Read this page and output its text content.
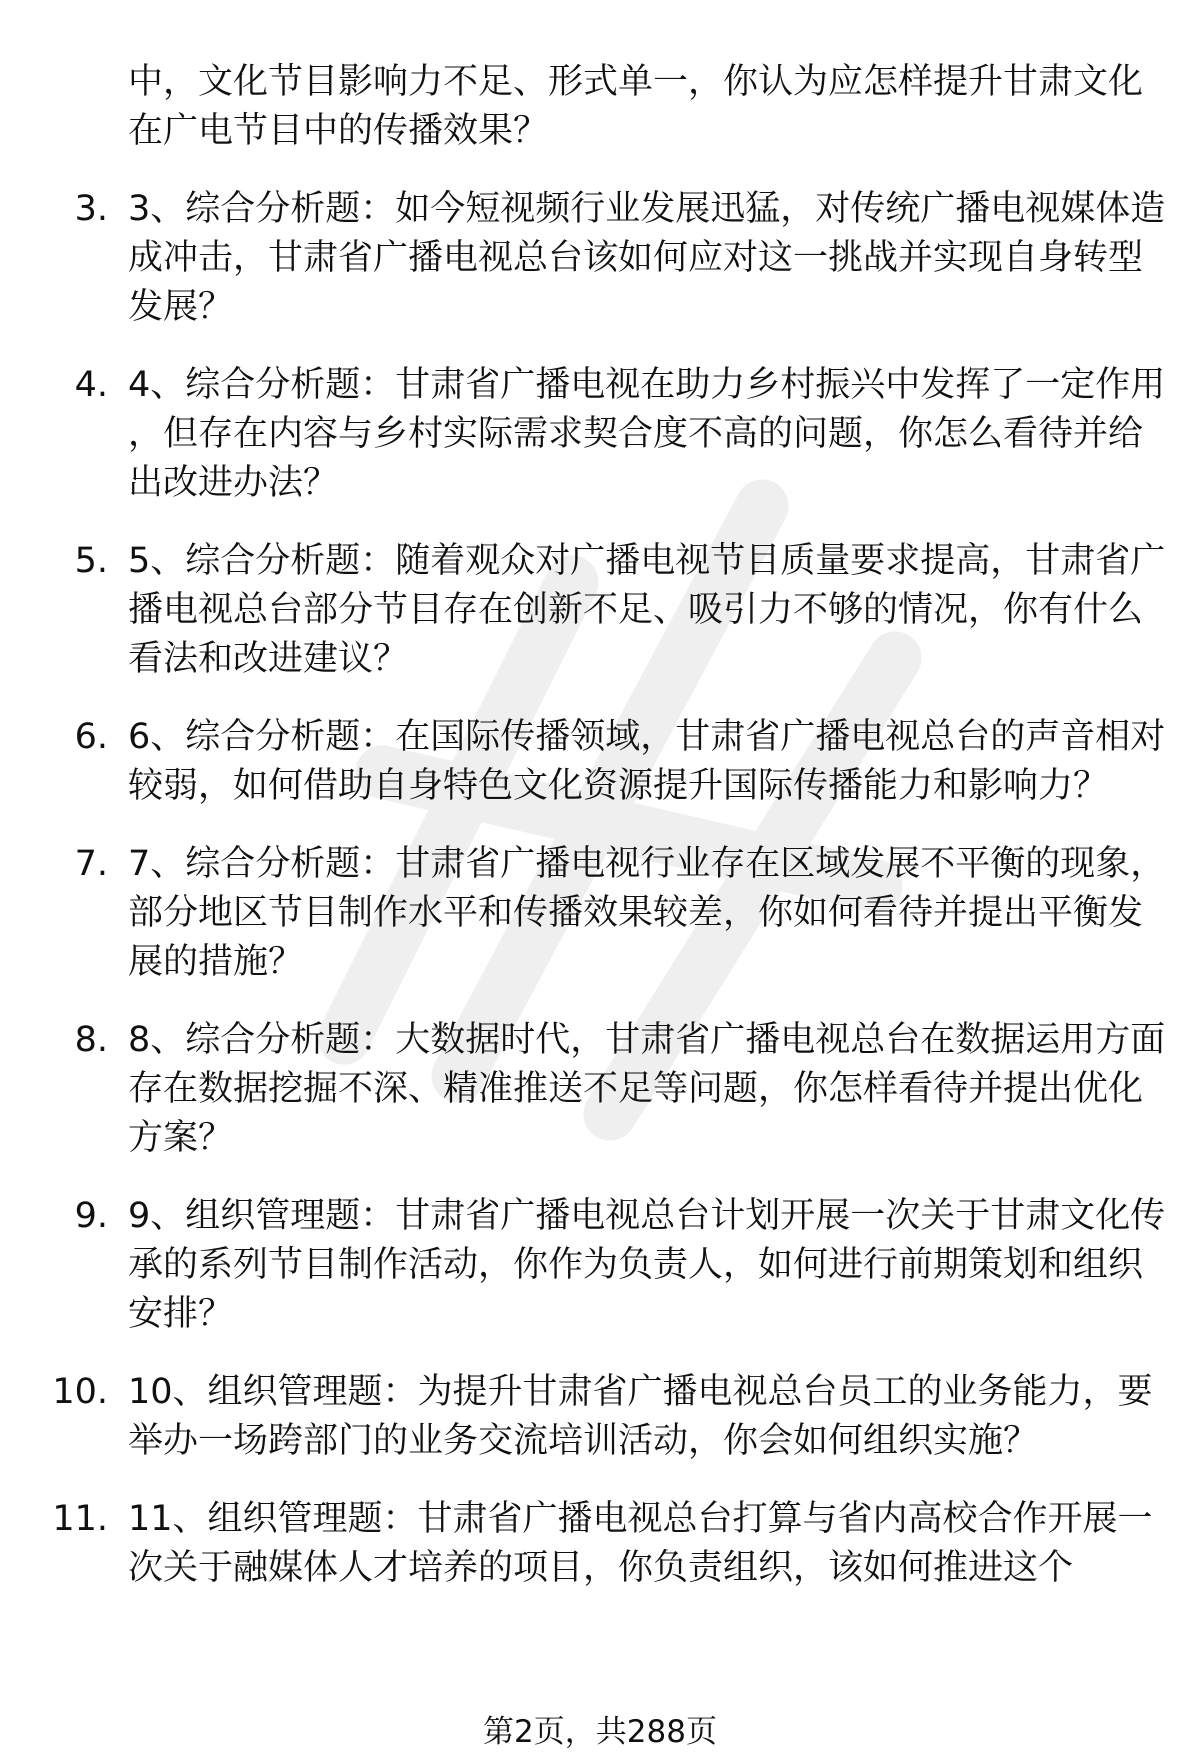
中，文化节目影响力不足、形式单一，你认为应怎样提升甘肃文化在广电节目中的传播效果？
3. 3、综合分析题：如今短视频行业发展迅猛，对传统广播电视媒体造成冲击，甘肃省广播电视总台该如何应对这一挑战并实现自身转型发展？
4. 4、综合分析题：甘肃省广播电视在助力乡村振兴中发挥了一定作用，但存在内容与乡村实际需求契合度不高的问题，你怎么看待并给出改进办法？
5. 5、综合分析题：随着观众对广播电视节目质量要求提高，甘肃省广播电视总台部分节目存在创新不足、吸引力不够的情况，你有什么看法和改进建议？
6. 6、综合分析题：在国际传播领域，甘肃省广播电视总台的声音相对较弱，如何借助自身特色文化资源提升国际传播能力和影响力？
7. 7、综合分析题：甘肃省广播电视行业存在区域发展不平衡的现象，部分地区节目制作水平和传播效果较差，你如何看待并提出平衡发展的措施？
8. 8、综合分析题：大数据时代，甘肃省广播电视总台在数据运用方面存在数据挖掘不深、精准推送不足等问题，你怎样看待并提出优化方案？
9. 9、组织管理题：甘肃省广播电视总台计划开展一次关于甘肃文化传承的系列节目制作活动，你作为负责人，如何进行前期策划和组织安排？
10. 10、组织管理题：为提升甘肃省广播电视总台员工的业务能力，要举办一场跨部门的业务交流培训活动，你会如何组织实施？
11. 11、组织管理题：甘肃省广播电视总台打算与省内高校合作开展一次关于融媒体人才培养的项目，你负责组织，该如何推进这个
第2页，共288页
